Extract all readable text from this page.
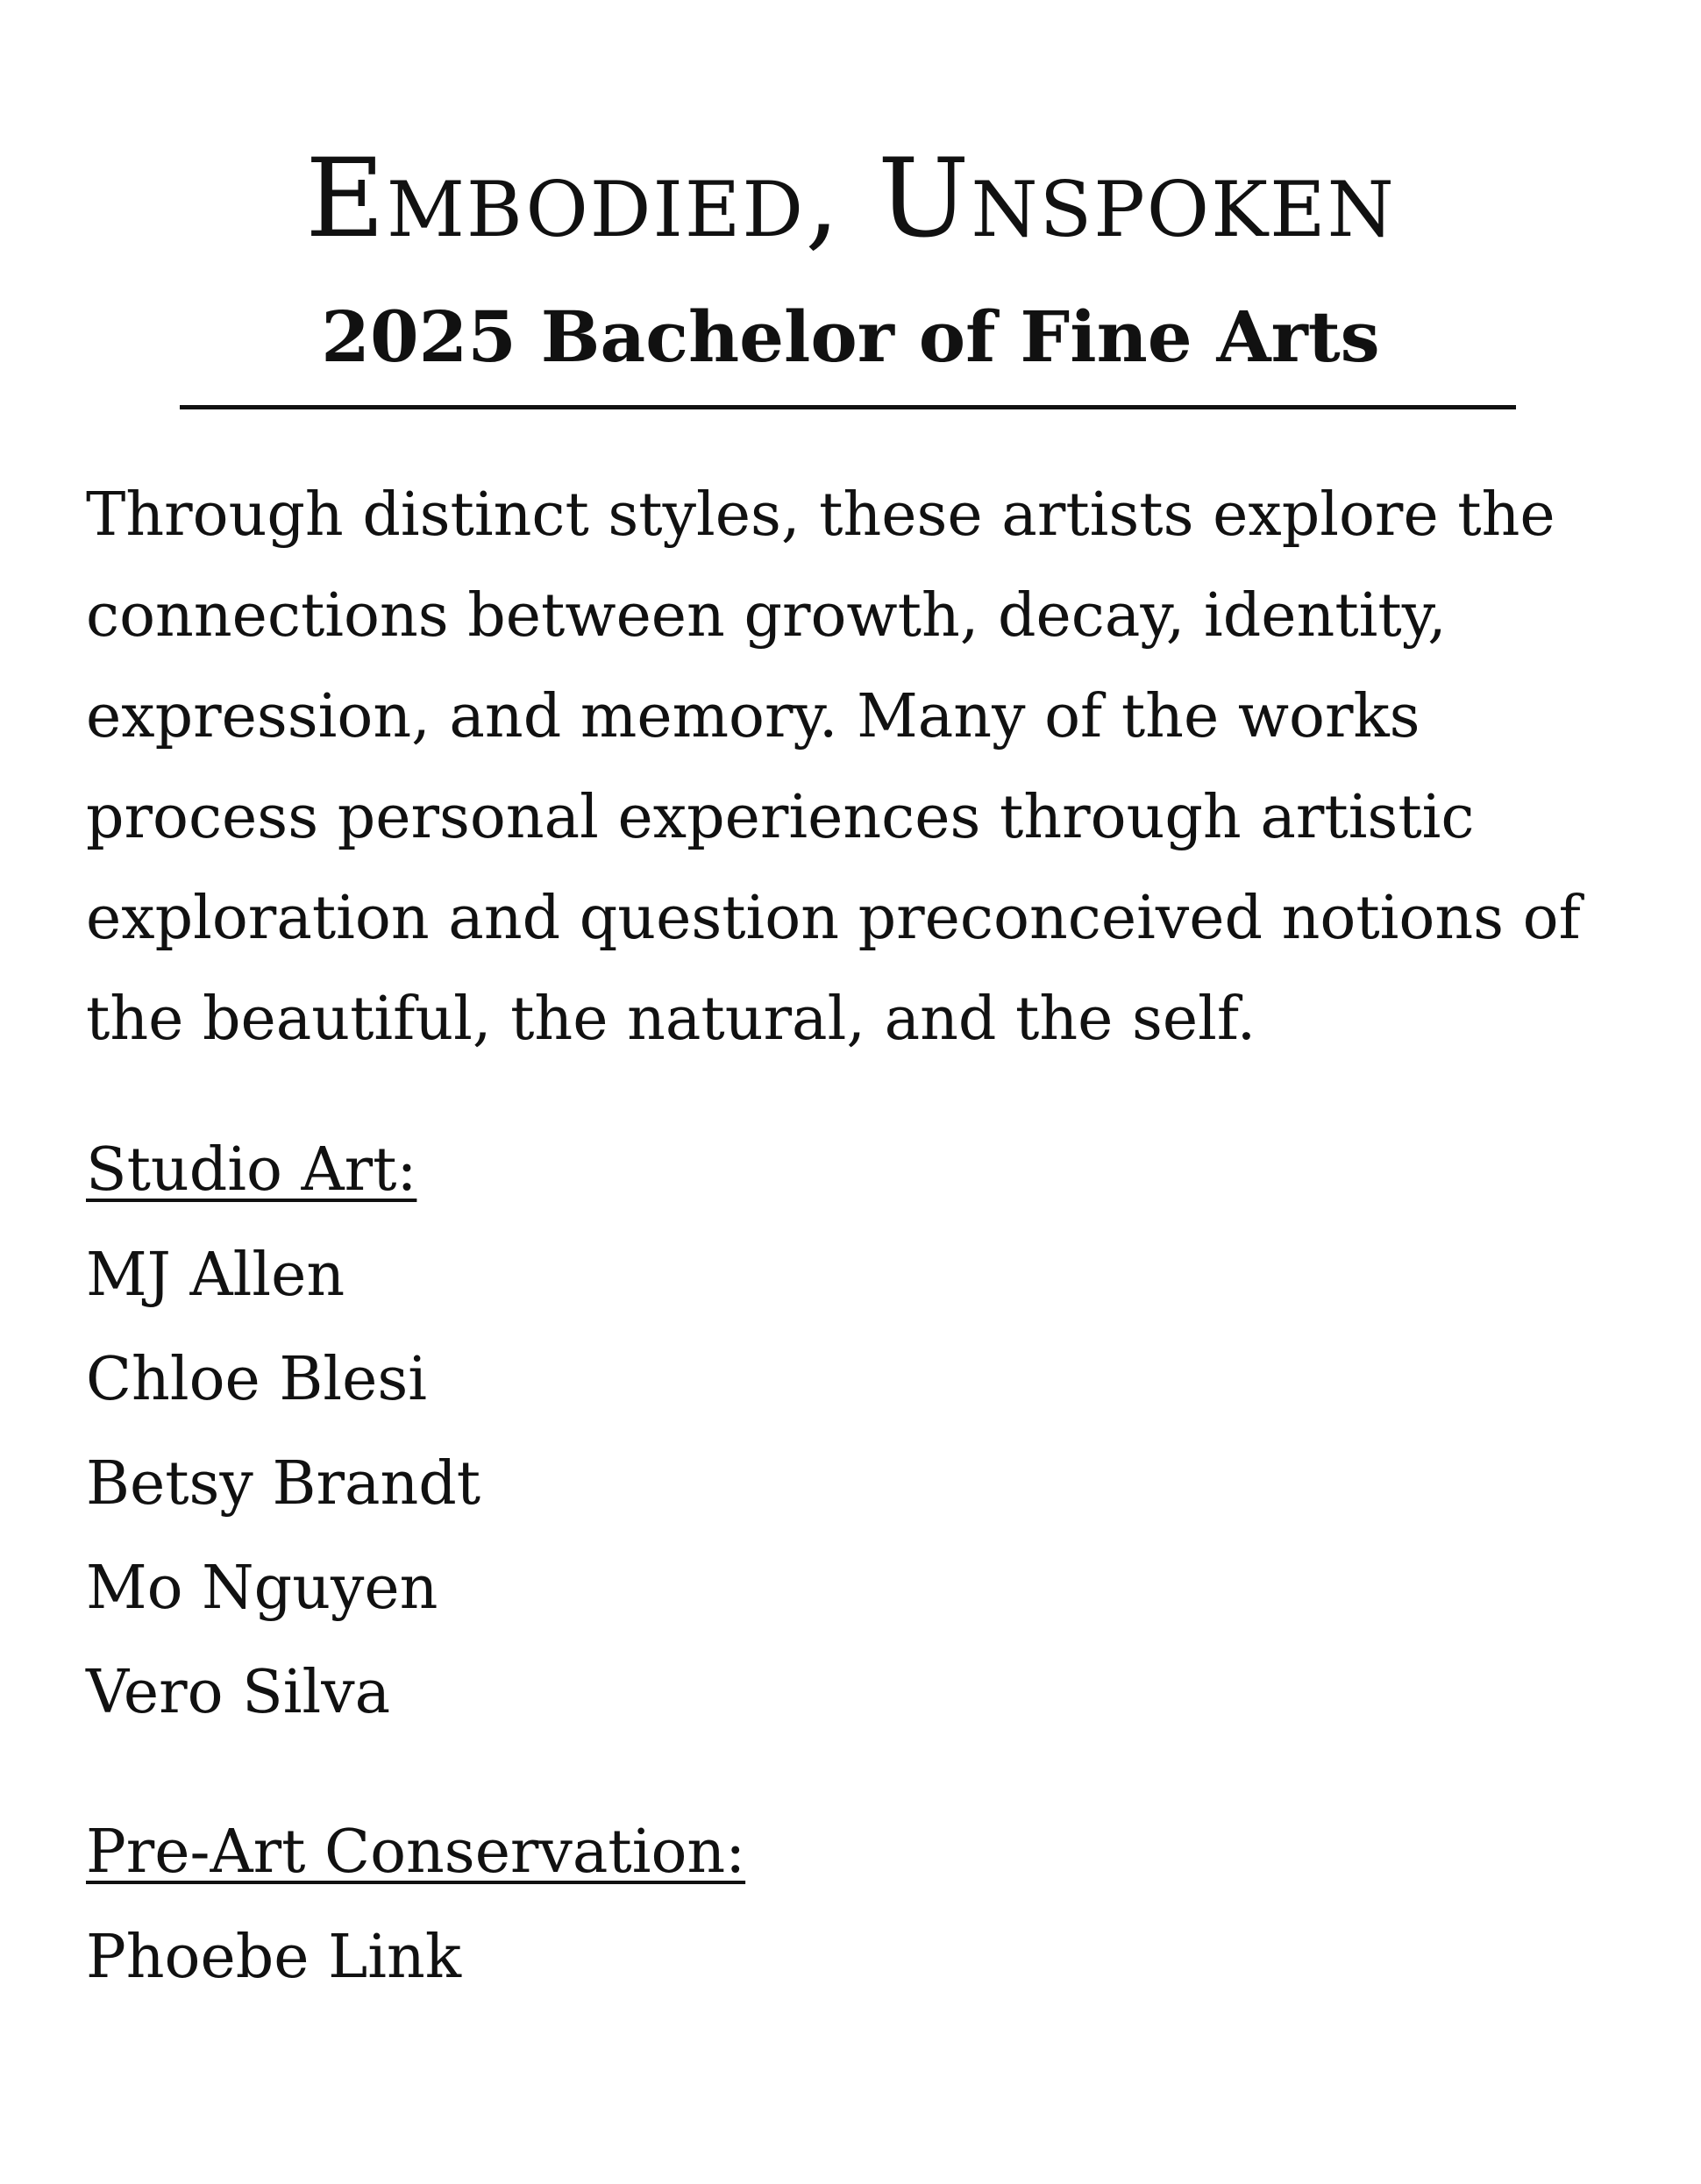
Embodied, Unspoken
2025 Bachelor of Fine Arts

Through distinct styles, these artists explore the connections between growth, decay, identity, expression, and memory. Many of the works process personal experiences through artistic exploration and question preconceived notions of the beautiful, the natural, and the self.

Studio Art:
MJ Allen
Chloe Blesi
Betsy Brandt
Mo Nguyen
Vero Silva
Pre-Art Conservation:
Phoebe Link
